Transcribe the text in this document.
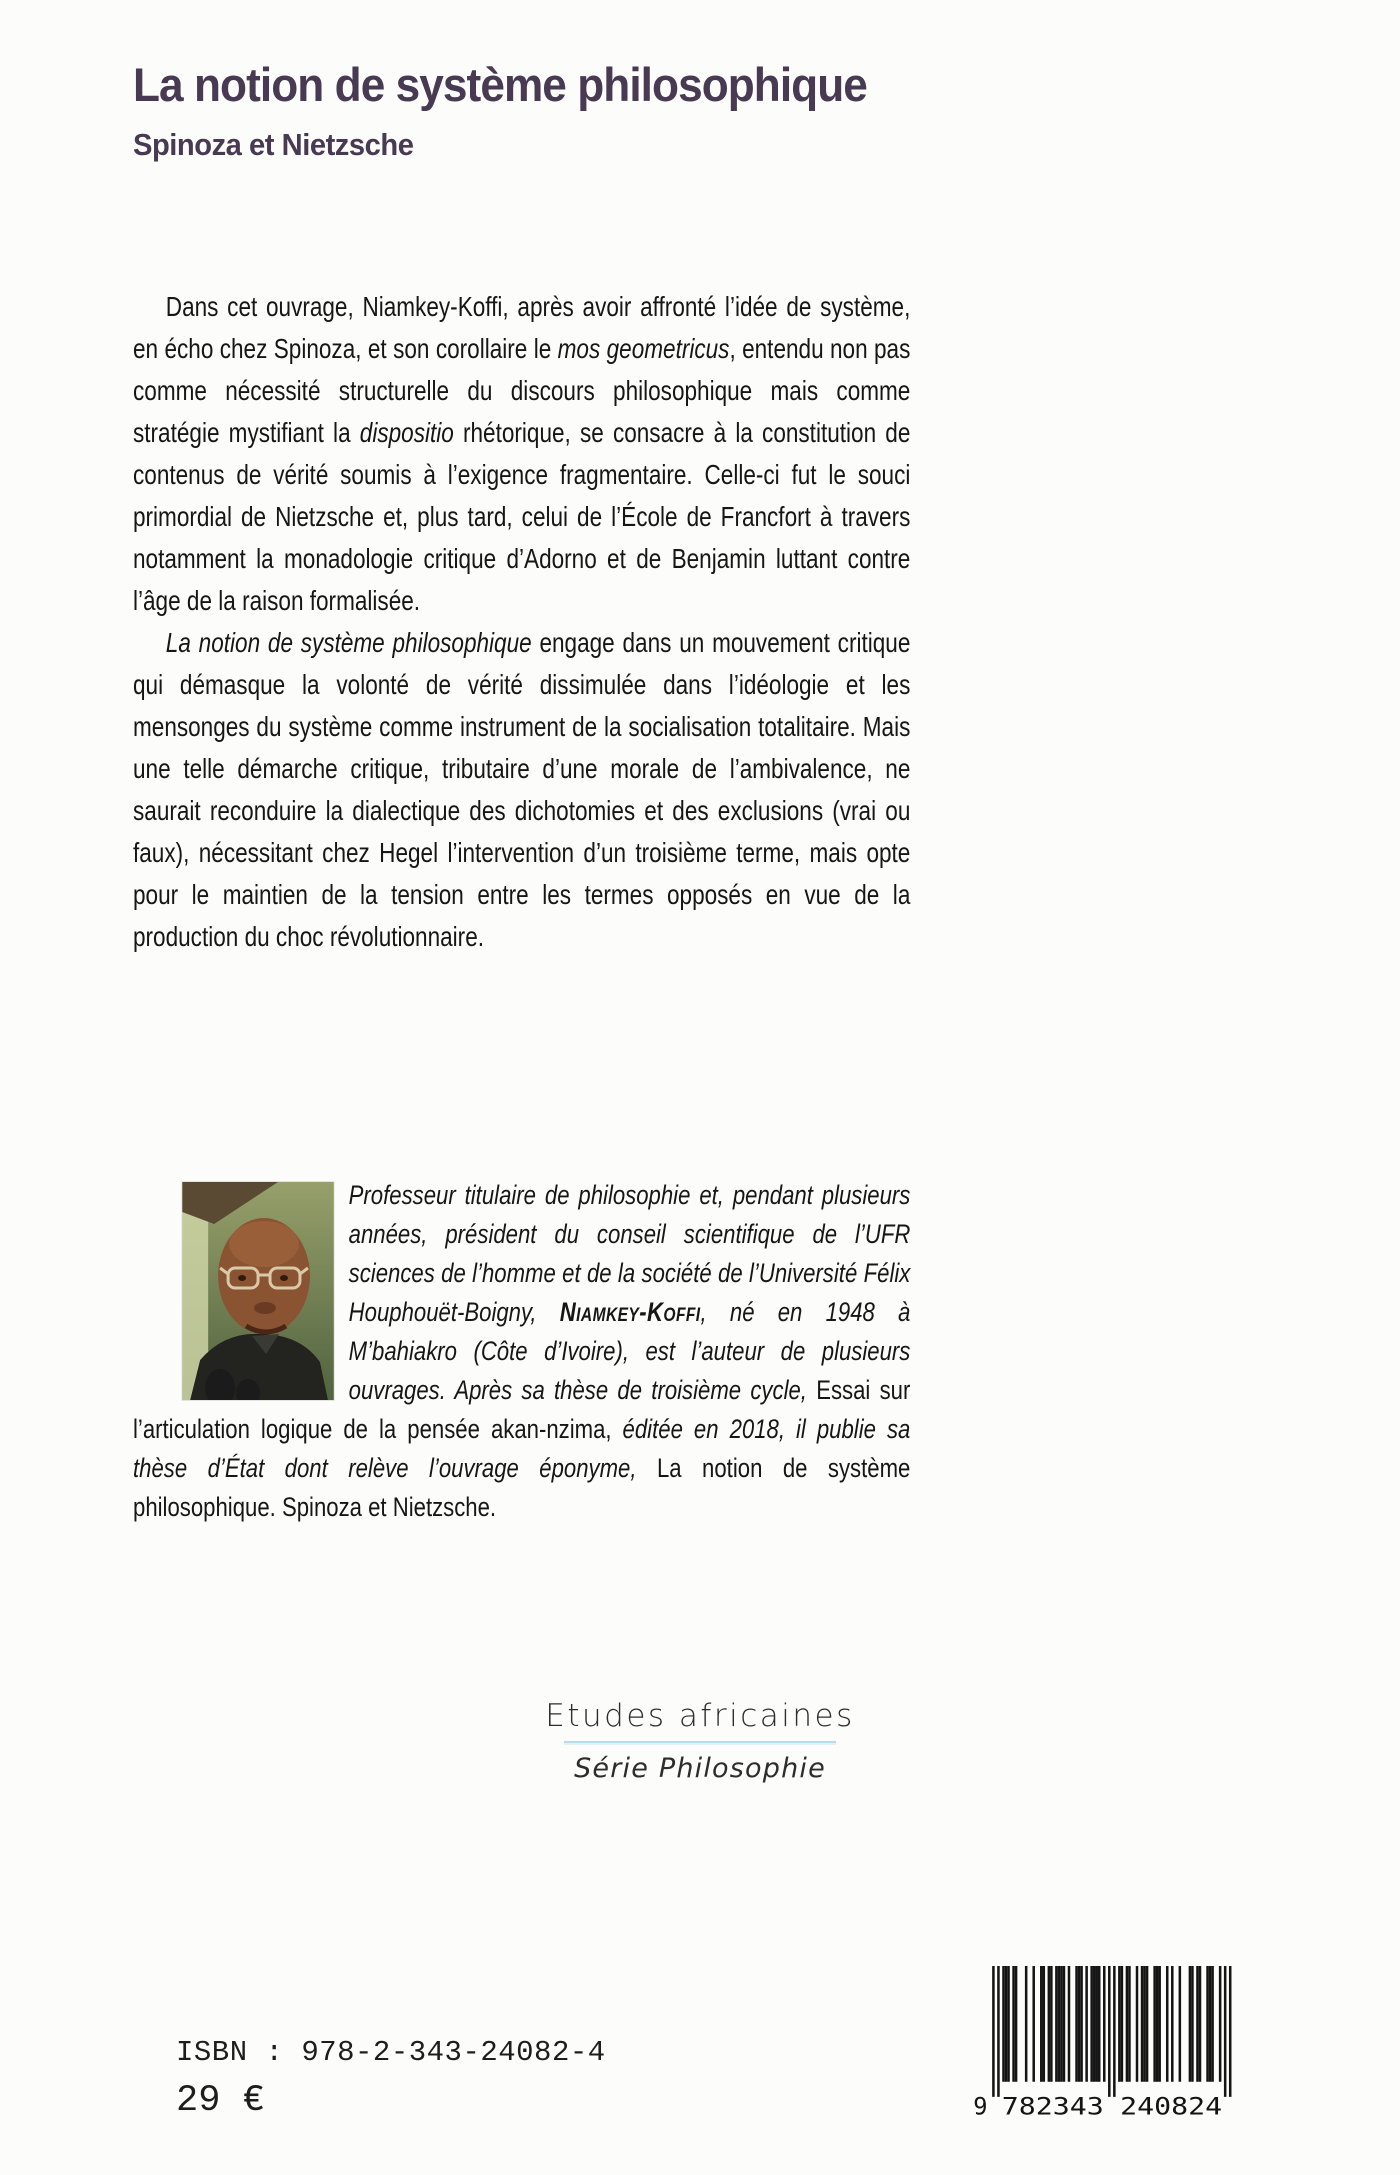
La notion de système philosophique
Spinoza et Nietzsche

Dans cet ouvrage, Niamkey-Koffi, après avoir affronté l’idée de système, en écho chez Spinoza, et son corollaire le mos geometricus, entendu non pas comme nécessité structurelle du discours philosophique mais comme stratégie mystifiant la dispositio rhétorique, se consacre à la constitution de contenus de vérité soumis à l’exigence fragmentaire. Celle-ci fut le souci primordial de Nietzsche et, plus tard, celui de l’École de Francfort à travers notamment la monadologie critique d’Adorno et de Benjamin luttant contre l’âge de la raison formalisée.

La notion de système philosophique engage dans un mouvement critique qui démasque la volonté de vérité dissimulée dans l’idéologie et les mensonges du système comme instrument de la socialisation totalitaire. Mais une telle démarche critique, tributaire d’une morale de l’ambivalence, ne saurait reconduire la dialectique des dichotomies et des exclusions (vrai ou faux), nécessitant chez Hegel l’intervention d’un troisième terme, mais opte pour le maintien de la tension entre les termes opposés en vue de la production du choc révolutionnaire.

Professeur titulaire de philosophie et, pendant plusieurs années, président du conseil scientifique de l’UFR sciences de l’homme et de la société de l’Université Félix Houphouët-Boigny, Niamkey-Koffi, né en 1948 à M’bahiakro (Côte d’Ivoire), est l’auteur de plusieurs ouvrages. Après sa thèse de troisième cycle, Essai sur l’articulation logique de la pensée akan-nzima, éditée en 2018, il publie sa thèse d’État dont relève l’ouvrage éponyme, La notion de système philosophique. Spinoza et Nietzsche.

Etudes africaines
Série Philosophie
ISBN : 978-2-343-24082-4
29 €	9 782343 240824
